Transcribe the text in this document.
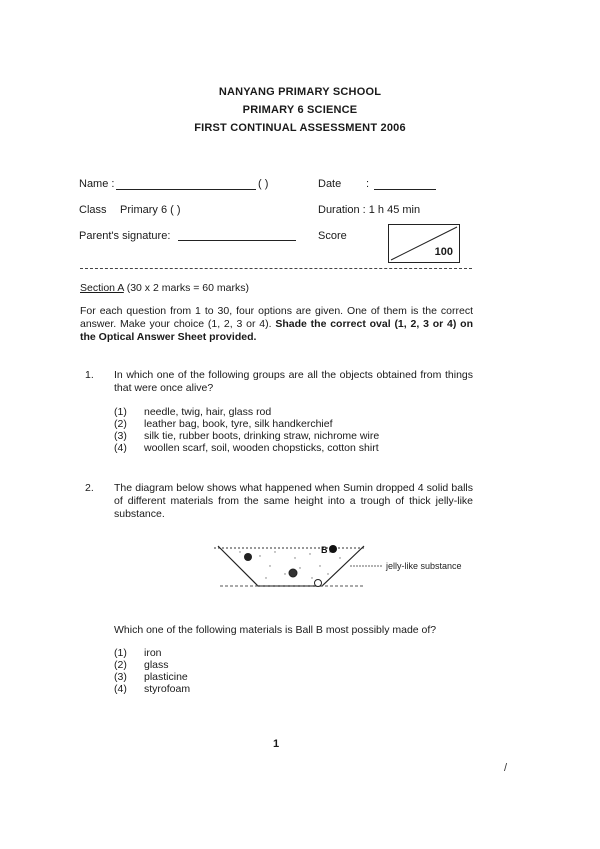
NANYANG PRIMARY SCHOOL
PRIMARY 6 SCIENCE
FIRST CONTINUAL ASSESSMENT 2006
Name :	( )	Date :
Class Primary 6 ( )	Duration : 1 h 45 min
Parent's signature:	Score
100
Section A (30 x 2 marks = 60 marks)
For each question from 1 to 30, four options are given. One of them is the correct answer. Make your choice (1, 2, 3 or 4). Shade the correct oval (1, 2, 3 or 4) on the Optical Answer Sheet provided.
1. In which one of the following groups are all the objects obtained from things that were once alive?
(1) needle, twig, hair, glass rod
(2) leather bag, book, tyre, silk handkerchief
(3) silk tie, rubber boots, drinking straw, nichrome wire
(4) woollen scarf, soil, wooden chopsticks, cotton shirt
2. The diagram below shows what happened when Sumin dropped 4 solid balls of different materials from the same height into a trough of thick jelly-like substance.
B
jelly-like substance
Which one of the following materials is Ball B most possibly made of?
(1) iron
(2) glass
(3) plasticine
(4) styrofoam
1
/
